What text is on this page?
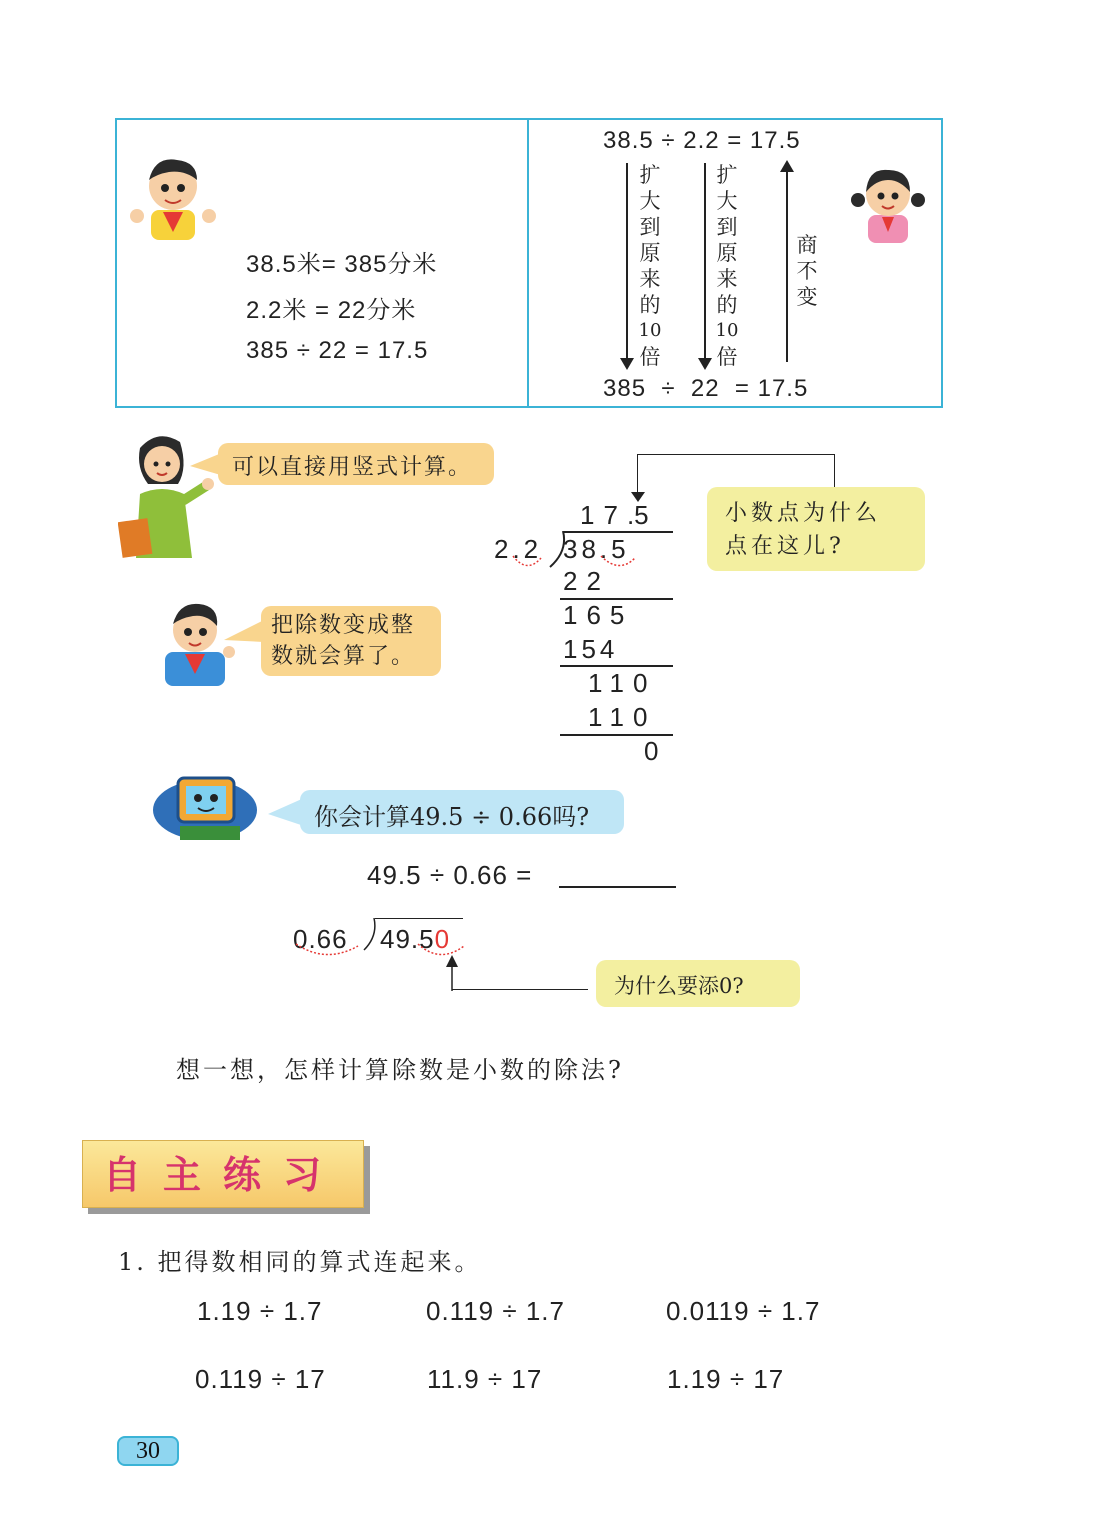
38.5米= 385分米
2.2米 = 22分米
385 ÷ 22 = 17.5
38.5 ÷ 2.2 = 17.5
385  ÷  22  = 17.5
扩
大
到
原
来
的
10
倍
扩
大
到
原
来
的
10
倍
商
不
变
可以直接用竖式计算。
把除数变成整
数就会算了。
17.5
2.2 38.5
22
165
154
110
110
0
小数点为什么
点在这儿?
你会计算49.5 ÷ 0.66吗?
49.5 ÷ 0.66 =
0.66 49.50
为什么要添0?
想一想，怎样计算除数是小数的除法?
自主练习
1. 把得数相同的算式连起来。
1.19 ÷ 1.7	0.119 ÷ 1.7	0.0119 ÷ 1.7
0.119 ÷ 17	11.9 ÷ 17	1.19 ÷ 17
30
